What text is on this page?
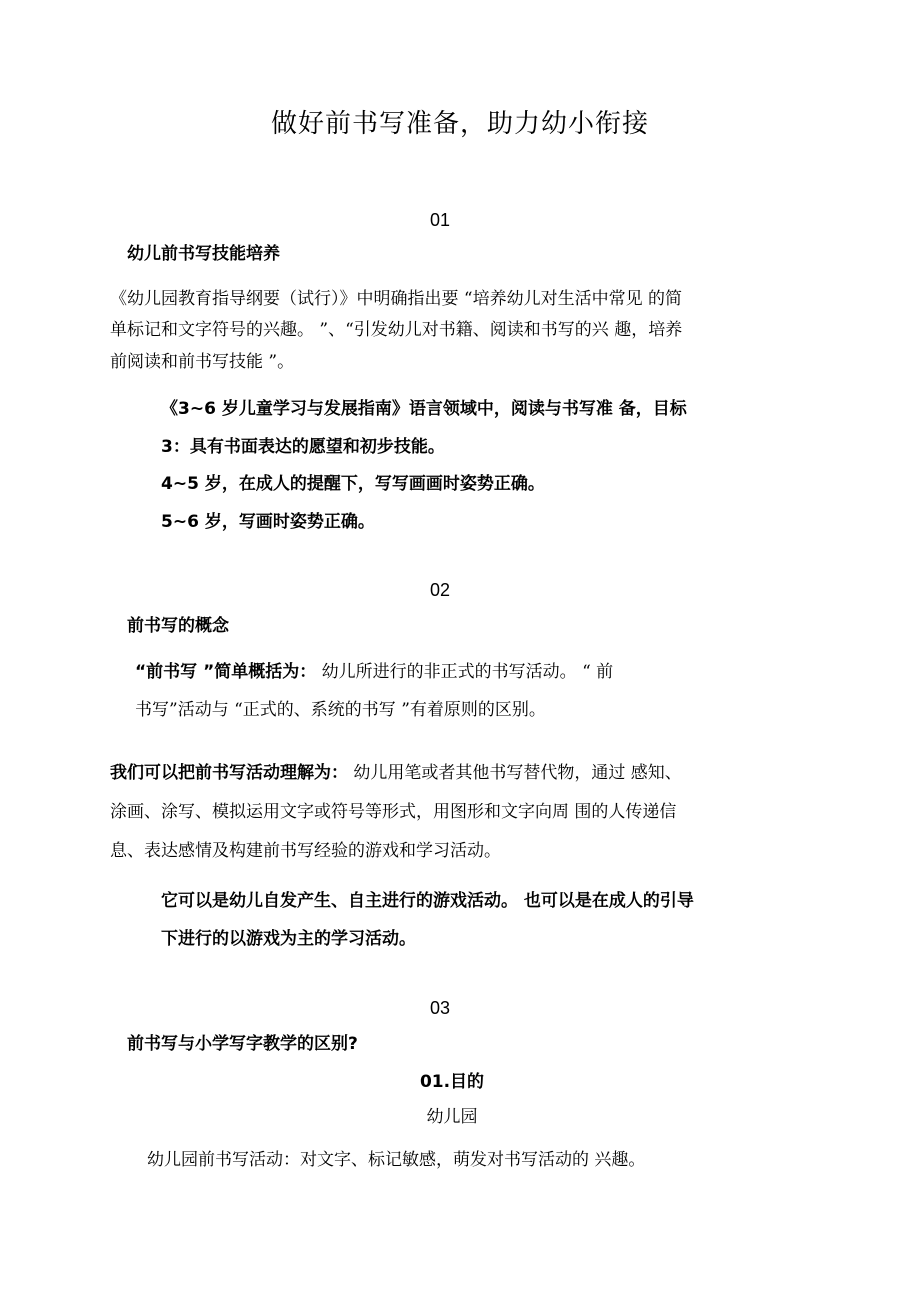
做好前书写准备，助力幼小衔接
01
幼儿前书写技能培养
《幼儿园教育指导纲要（试行）》中明确指出要 “培养幼儿对生活中常见 的简
单标记和文字符号的兴趣。 ”、“引发幼儿对书籍、阅读和书写的兴 趣，培养
前阅读和前书写技能 ”。
《3~6 岁儿童学习与发展指南》语言领域中，阅读与书写准 备，目标
3：具有书面表达的愿望和初步技能。
4~5 岁，在成人的提醒下，写写画画时姿势正确。
5~6 岁，写画时姿势正确。
02
前书写的概念
“前书写 ”简单概括为： 幼儿所进行的非正式的书写活动。 “ 前
书写”活动与 “正式的、系统的书写 ”有着原则的区别。
我们可以把前书写活动理解为： 幼儿用笔或者其他书写替代物，通过 感知、
涂画、涂写、模拟运用文字或符号等形式，用图形和文字向周 围的人传递信
息、表达感情及构建前书写经验的游戏和学习活动。
它可以是幼儿自发产生、自主进行的游戏活动。 也可以是在成人的引导
下进行的以游戏为主的学习活动。
03
前书写与小学写字教学的区别?
01.目的
幼儿园
幼儿园前书写活动：对文字、标记敏感，萌发对书写活动的 兴趣。
